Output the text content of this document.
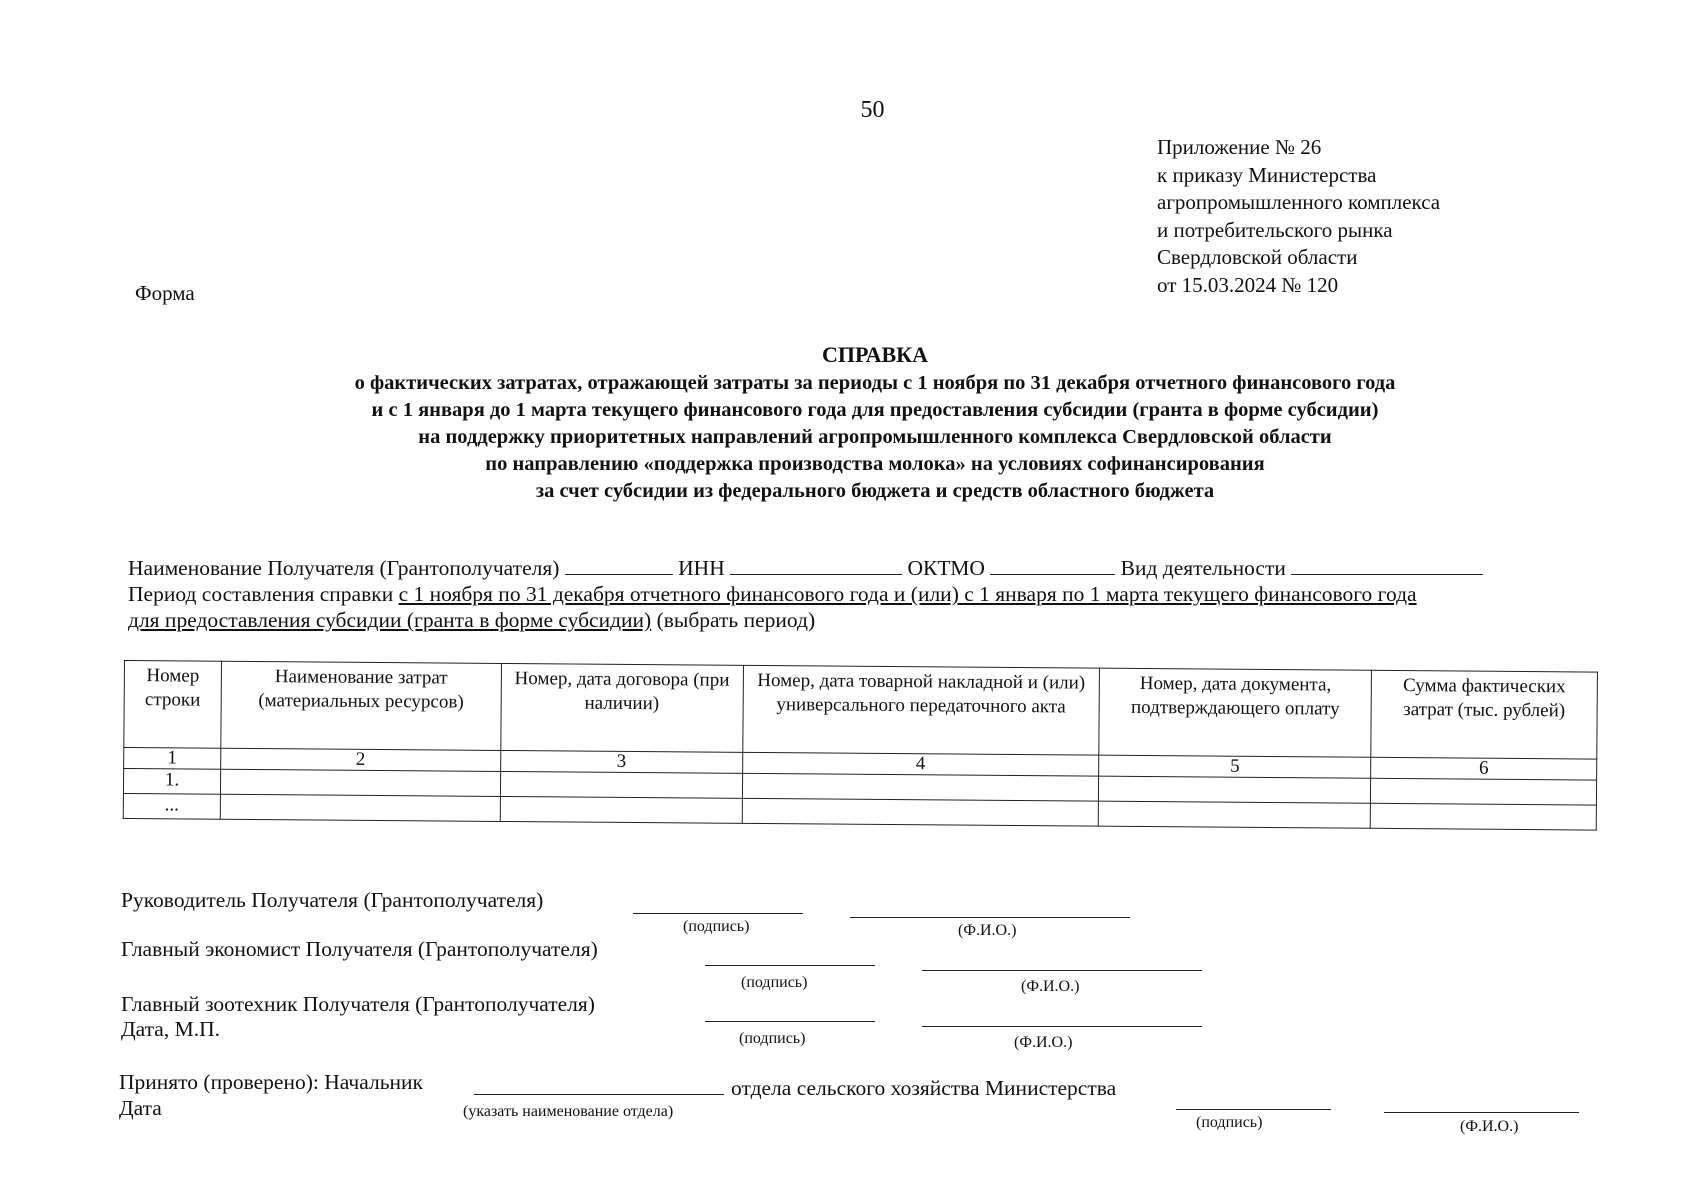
50
Приложение № 26
к приказу Министерства
агропромышленного комплекса
и потребительского рынка
Свердловской области
от 15.03.2024 № 120
Форма
СПРАВКА
о фактических затратах, отражающей затраты за периоды с 1 ноября по 31 декабря отчетного финансового года
и с 1 января до 1 марта текущего финансового года для предоставления субсидии (гранта в форме субсидии)
на поддержку приоритетных направлений агропромышленного комплекса Свердловской области
по направлению «поддержка производства молока» на условиях софинансирования
за счет субсидии из федерального бюджета и средств областного бюджета
Наименование Получателя (Грантополучателя)	ИНН	ОКТМО	Вид деятельности
Период составления справки с 1 ноября по 31 декабря отчетного финансового года и (или) с 1 января по 1 марта текущего финансового года
для предоставления субсидии (гранта в форме субсидии) (выбрать период)
Номер строки	Наименование затрат (материальных ресурсов)	Номер, дата договора (при наличии)	Номер, дата товарной накладной и (или) универсального передаточного акта	Номер, дата документа, подтверждающего оплату	Сумма фактических затрат (тыс. рублей)
1	2	3	4	5	6
1.					
...					
Руководитель Получателя (Грантополучателя)
(подпись)	(Ф.И.О.)
Главный экономист Получателя (Грантополучателя)
(подпись)	(Ф.И.О.)
Главный зоотехник Получателя (Грантополучателя)
Дата, М.П.	(подпись)	(Ф.И.О.)
Принято (проверено): Начальник	отдела сельского хозяйства Министерства
Дата	(указать наименование отдела)
(подпись)	(Ф.И.О.)
